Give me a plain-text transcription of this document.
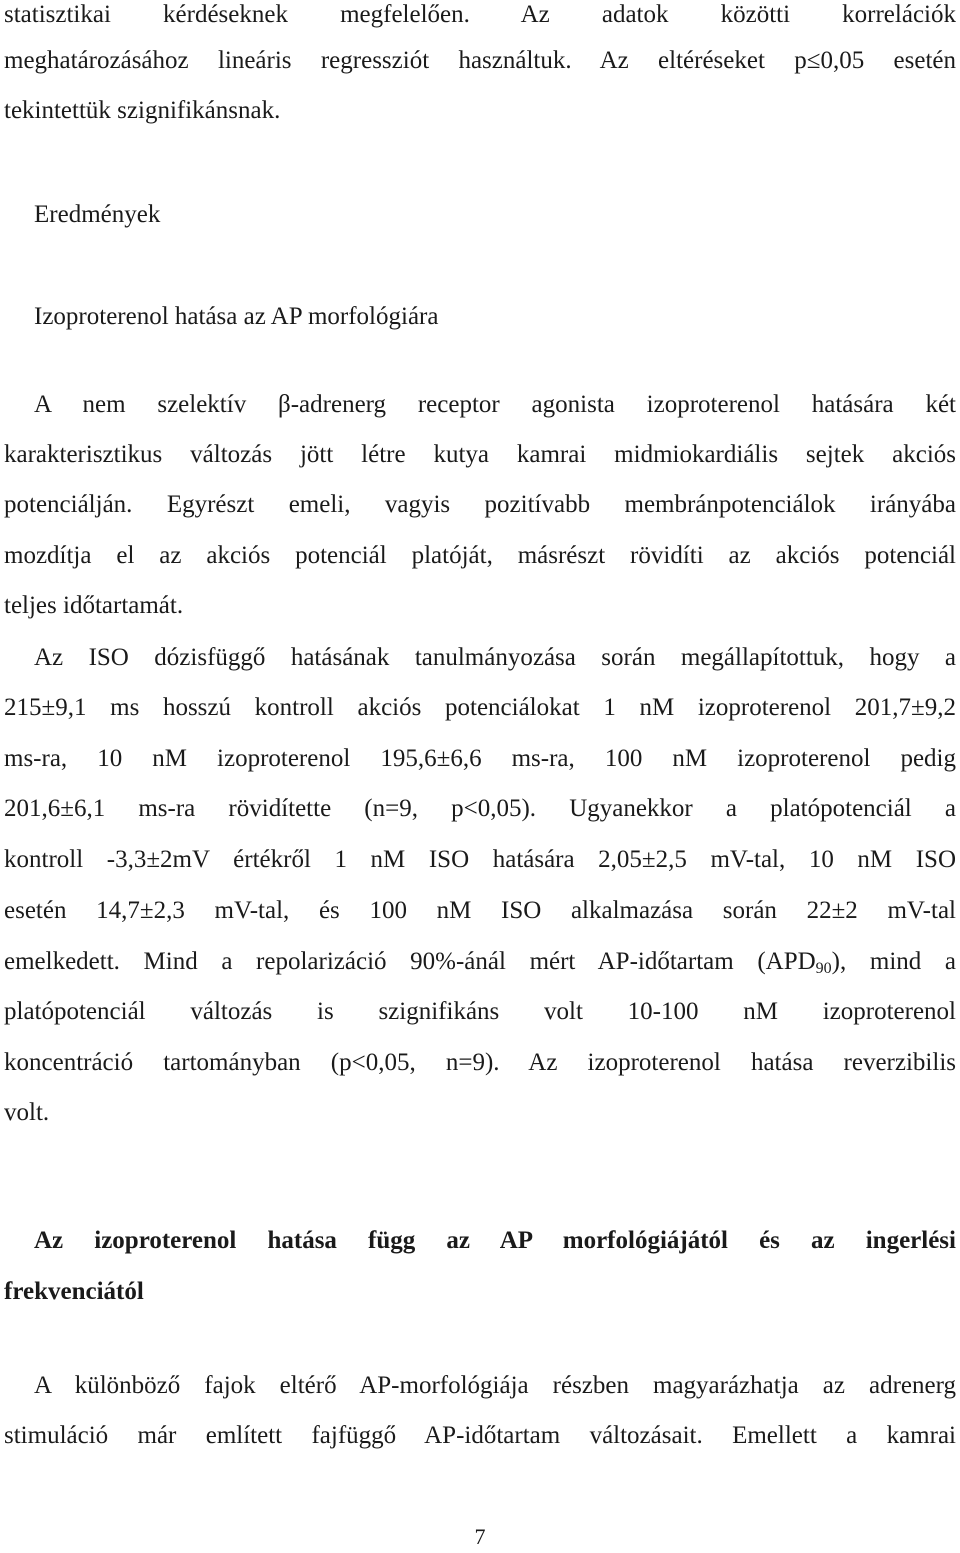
statisztikai kérdéseknek megfelelően. Az adatok közötti korrelációk
meghatározásához lineáris regressziót használtuk. Az eltéréseket p≤0,05 esetén
tekintettük szignifikánsnak.
Eredmények
Izoproterenol hatása az AP morfológiára
A nem szelektív β-adrenerg receptor agonista izoproterenol hatására két
karakterisztikus változás jött létre kutya kamrai midmiokardiális sejtek akciós
potenciálján. Egyrészt emeli, vagyis pozitívabb membránpotenciálok irányába
mozdítja el az akciós potenciál platóját, másrészt rövidíti az akciós potenciál
teljes időtartamát.
Az ISO dózisfüggő hatásának tanulmányozása során megállapítottuk, hogy a
215±9,1 ms hosszú kontroll akciós potenciálokat 1 nM izoproterenol 201,7±9,2
ms-ra, 10 nM izoproterenol 195,6±6,6 ms-ra, 100 nM izoproterenol pedig
201,6±6,1 ms-ra rövidítette (n=9, p<0,05). Ugyanekkor a platópotenciál a
kontroll -3,3±2mV értékről 1 nM ISO hatására 2,05±2,5 mV-tal, 10 nM ISO
esetén 14,7±2,3 mV-tal, és 100 nM ISO alkalmazása során 22±2 mV-tal
emelkedett. Mind a repolarizáció 90%-ánál mért AP-időtartam $(APD_{90})$, mind a
platópotenciál változás is szignifikáns volt 10-100 nM izoproterenol
koncentráció tartományban (p<0,05, n=9). Az izoproterenol hatása reverzibilis
volt.
Az izoproterenol hatása függ az AP morfológiájától és az ingerlési
frekvenciától
A különböző fajok eltérő AP-morfológiája részben magyarázhatja az adrenerg
stimuláció már említett fajfüggő AP-időtartam változásait. Emellett a kamrai
7
